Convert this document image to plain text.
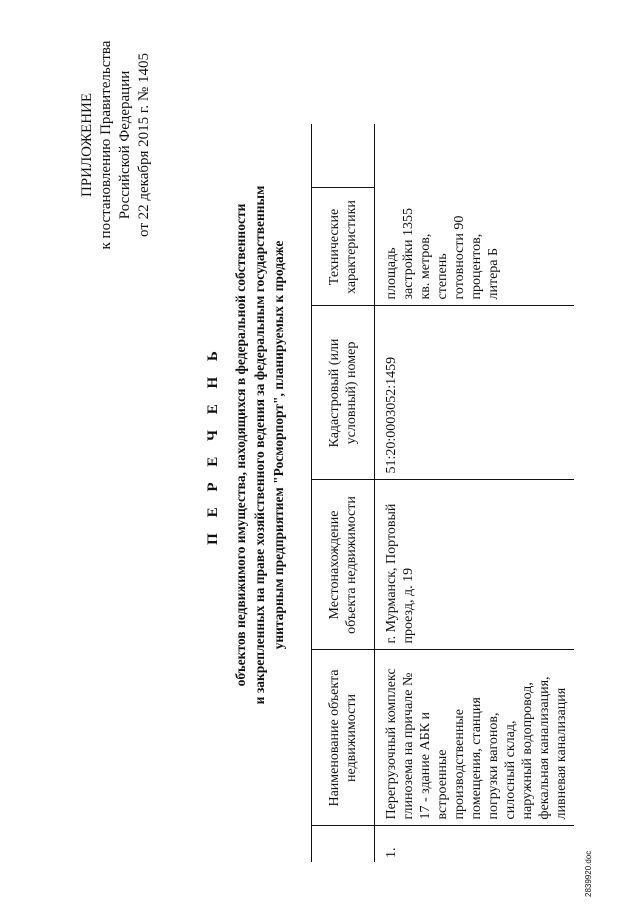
ПРИЛОЖЕНИЕ к постановлению Правительства Российской Федерации от 22 декабря 2015 г. № 1405
П Е Р Е Ч Е Н Ь объектов недвижимого имущества, находящихся в федеральной собственности и закрепленных на праве хозяйственного ведения за федеральным государственным унитарным предприятием "Росморпорт", планируемых к продаже
	Наименование объекта недвижимости	Местонахождение объекта недвижимости	Кадастровый (или условный) номер	Технические характеристики	
1.	Перегрузочный комплекс глинозема на причале № 17 - здание АБК и встроенные производственные помещения, станция погрузки вагонов, силосный склад, наружный водопровод, фекальная канализация, ливневая канализация	г. Мурманск, Портовый проезд, д. 19	51:20:0003052:1459	площадь застройки 1355 кв. метров, степень готовности 90 процентов, литера Б	
2839920.doc
